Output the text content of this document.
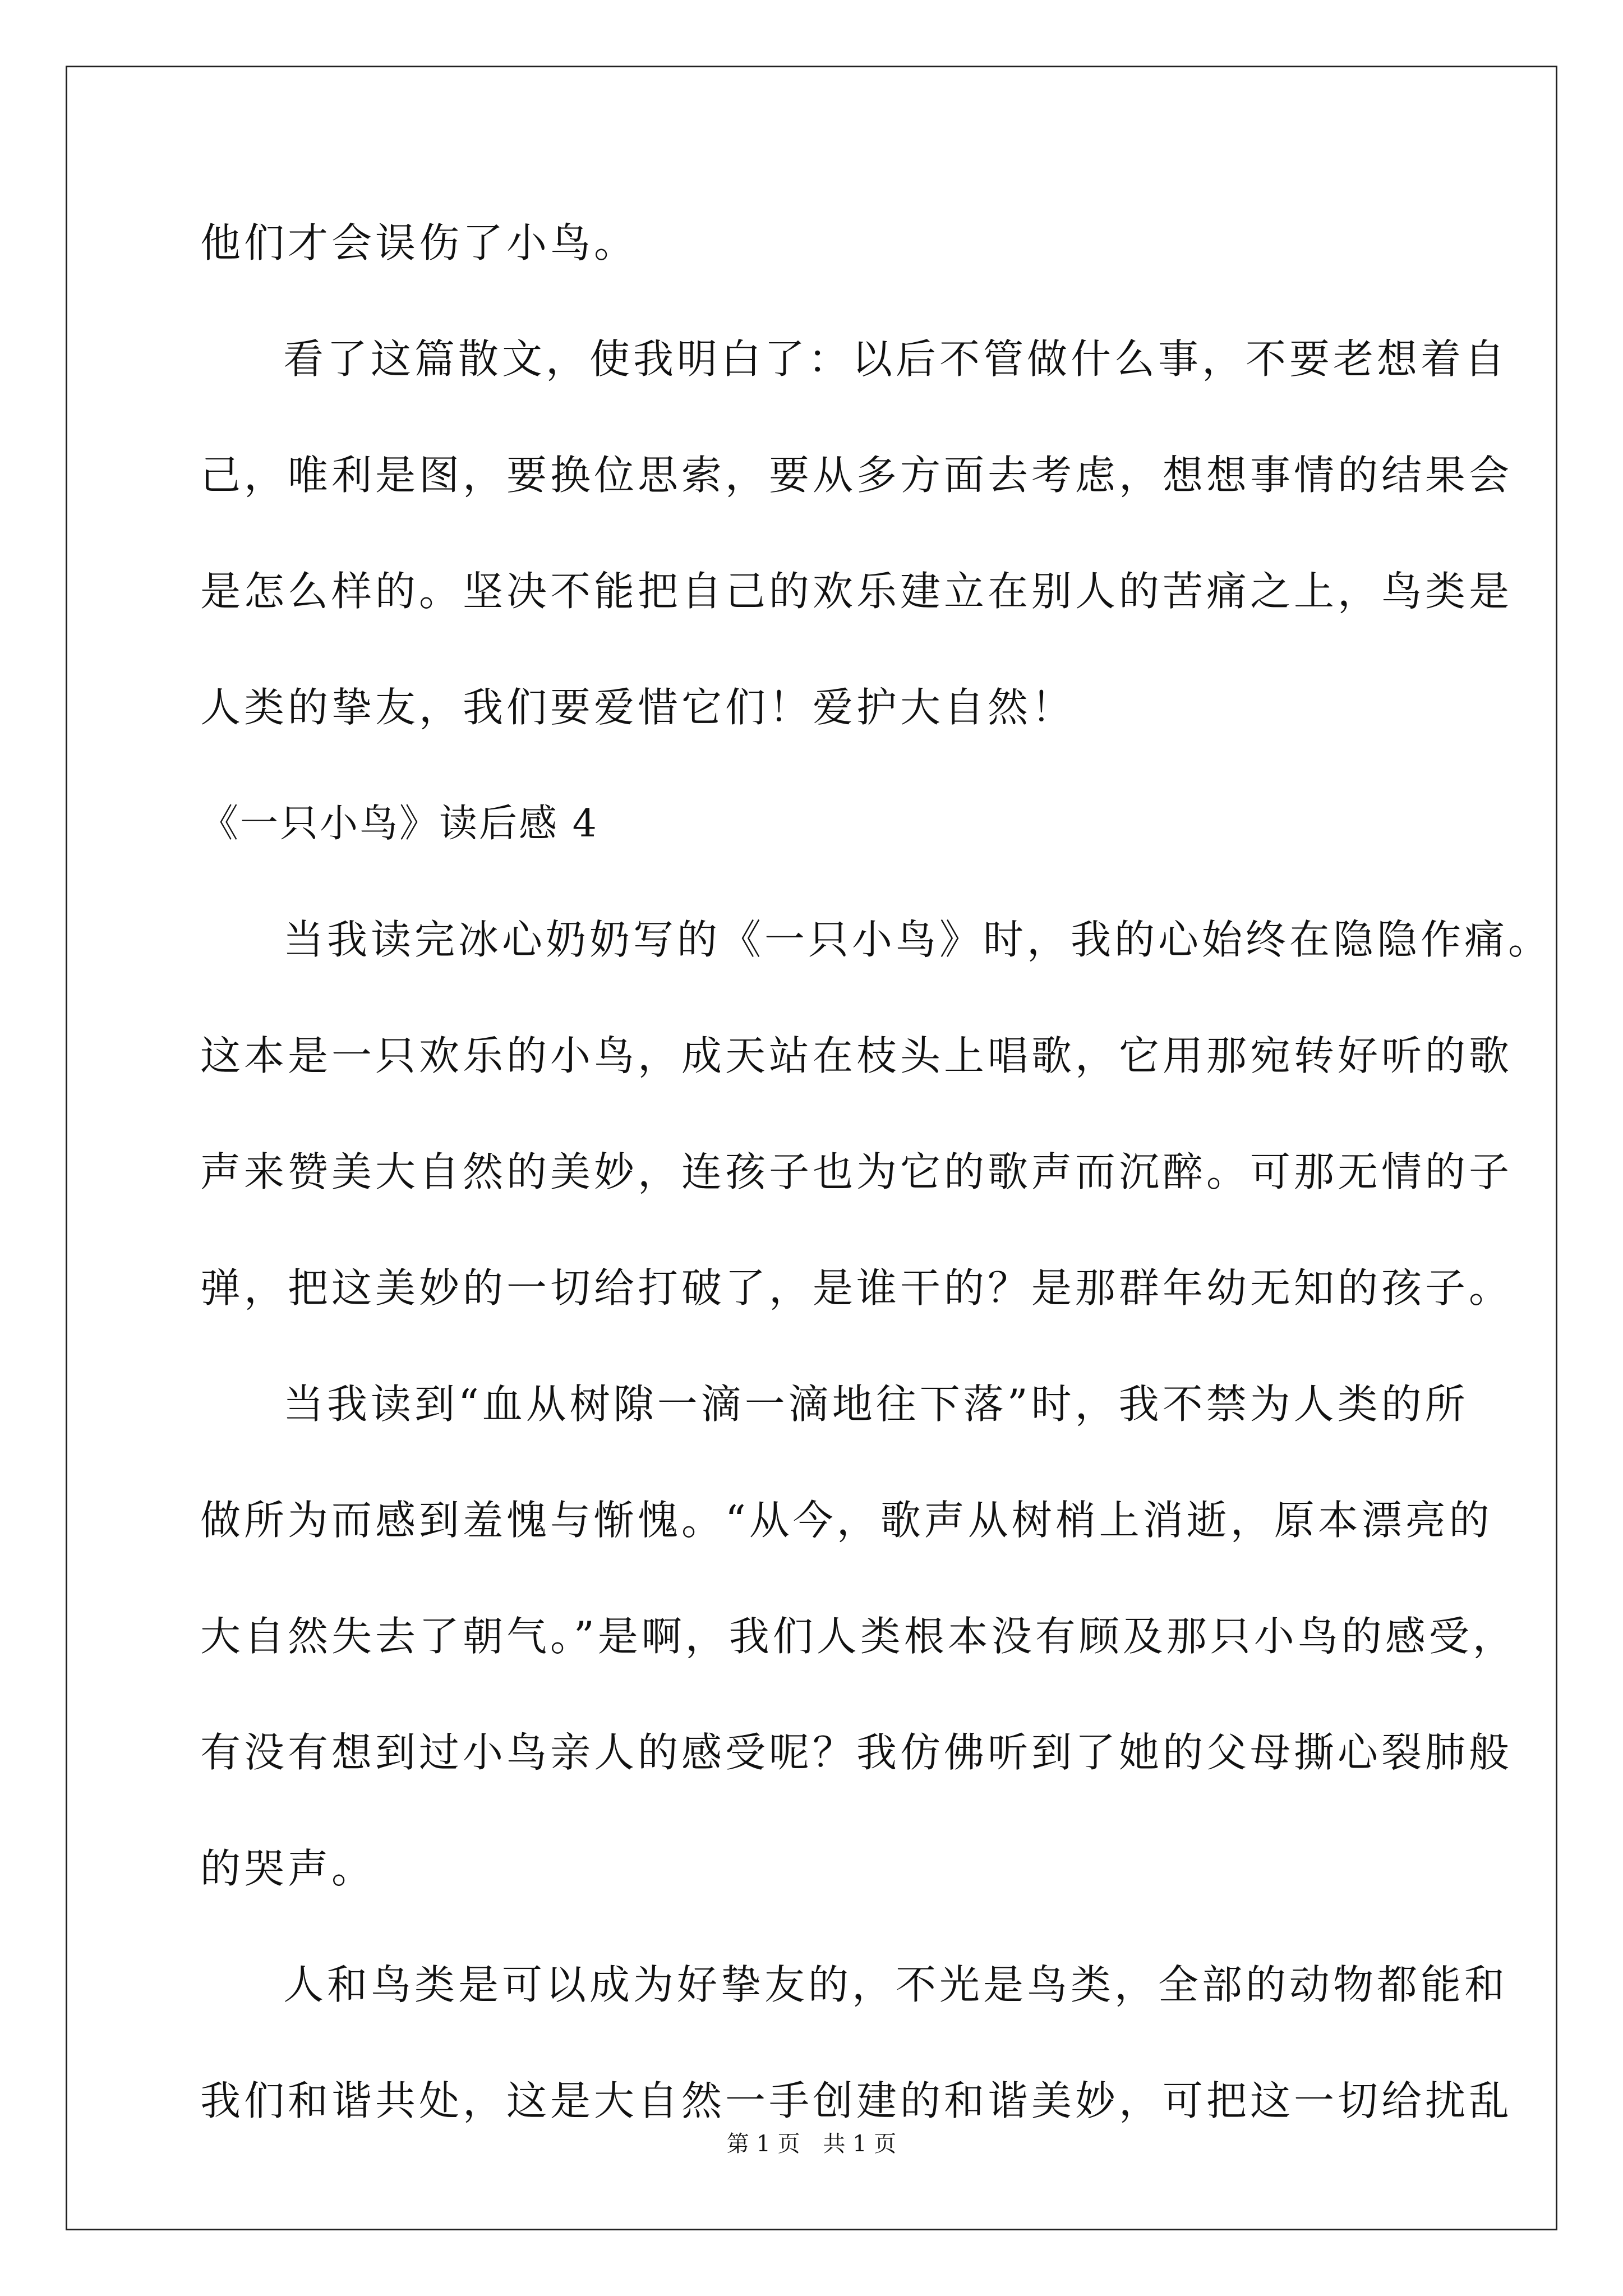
他们才会误伤了小鸟。
看了这篇散文，使我明白了：以后不管做什么事，不要老想着自
己，唯利是图，要换位思索，要从多方面去考虑，想想事情的结果会
是怎么样的。坚决不能把自己的欢乐建立在别人的苦痛之上，鸟类是
人类的挚友，我们要爱惜它们！爱护大自然！
《一只小鸟》读后感 4
当我读完冰心奶奶写的《一只小鸟》时，我的心始终在隐隐作痛。
这本是一只欢乐的小鸟，成天站在枝头上唱歌，它用那宛转好听的歌
声来赞美大自然的美妙，连孩子也为它的歌声而沉醉。可那无情的子
弹，把这美妙的一切给打破了，是谁干的？是那群年幼无知的孩子。
当我读到“血从树隙一滴一滴地往下落”时，我不禁为人类的所
做所为而感到羞愧与惭愧。“从今，歌声从树梢上消逝，原本漂亮的
大自然失去了朝气。”是啊，我们人类根本没有顾及那只小鸟的感受，
有没有想到过小鸟亲人的感受呢？我仿佛听到了她的父母撕心裂肺般
的哭声。
人和鸟类是可以成为好挚友的，不光是鸟类，全部的动物都能和
我们和谐共处，这是大自然一手创建的和谐美妙，可把这一切给扰乱
第 1 页 共 1 页
